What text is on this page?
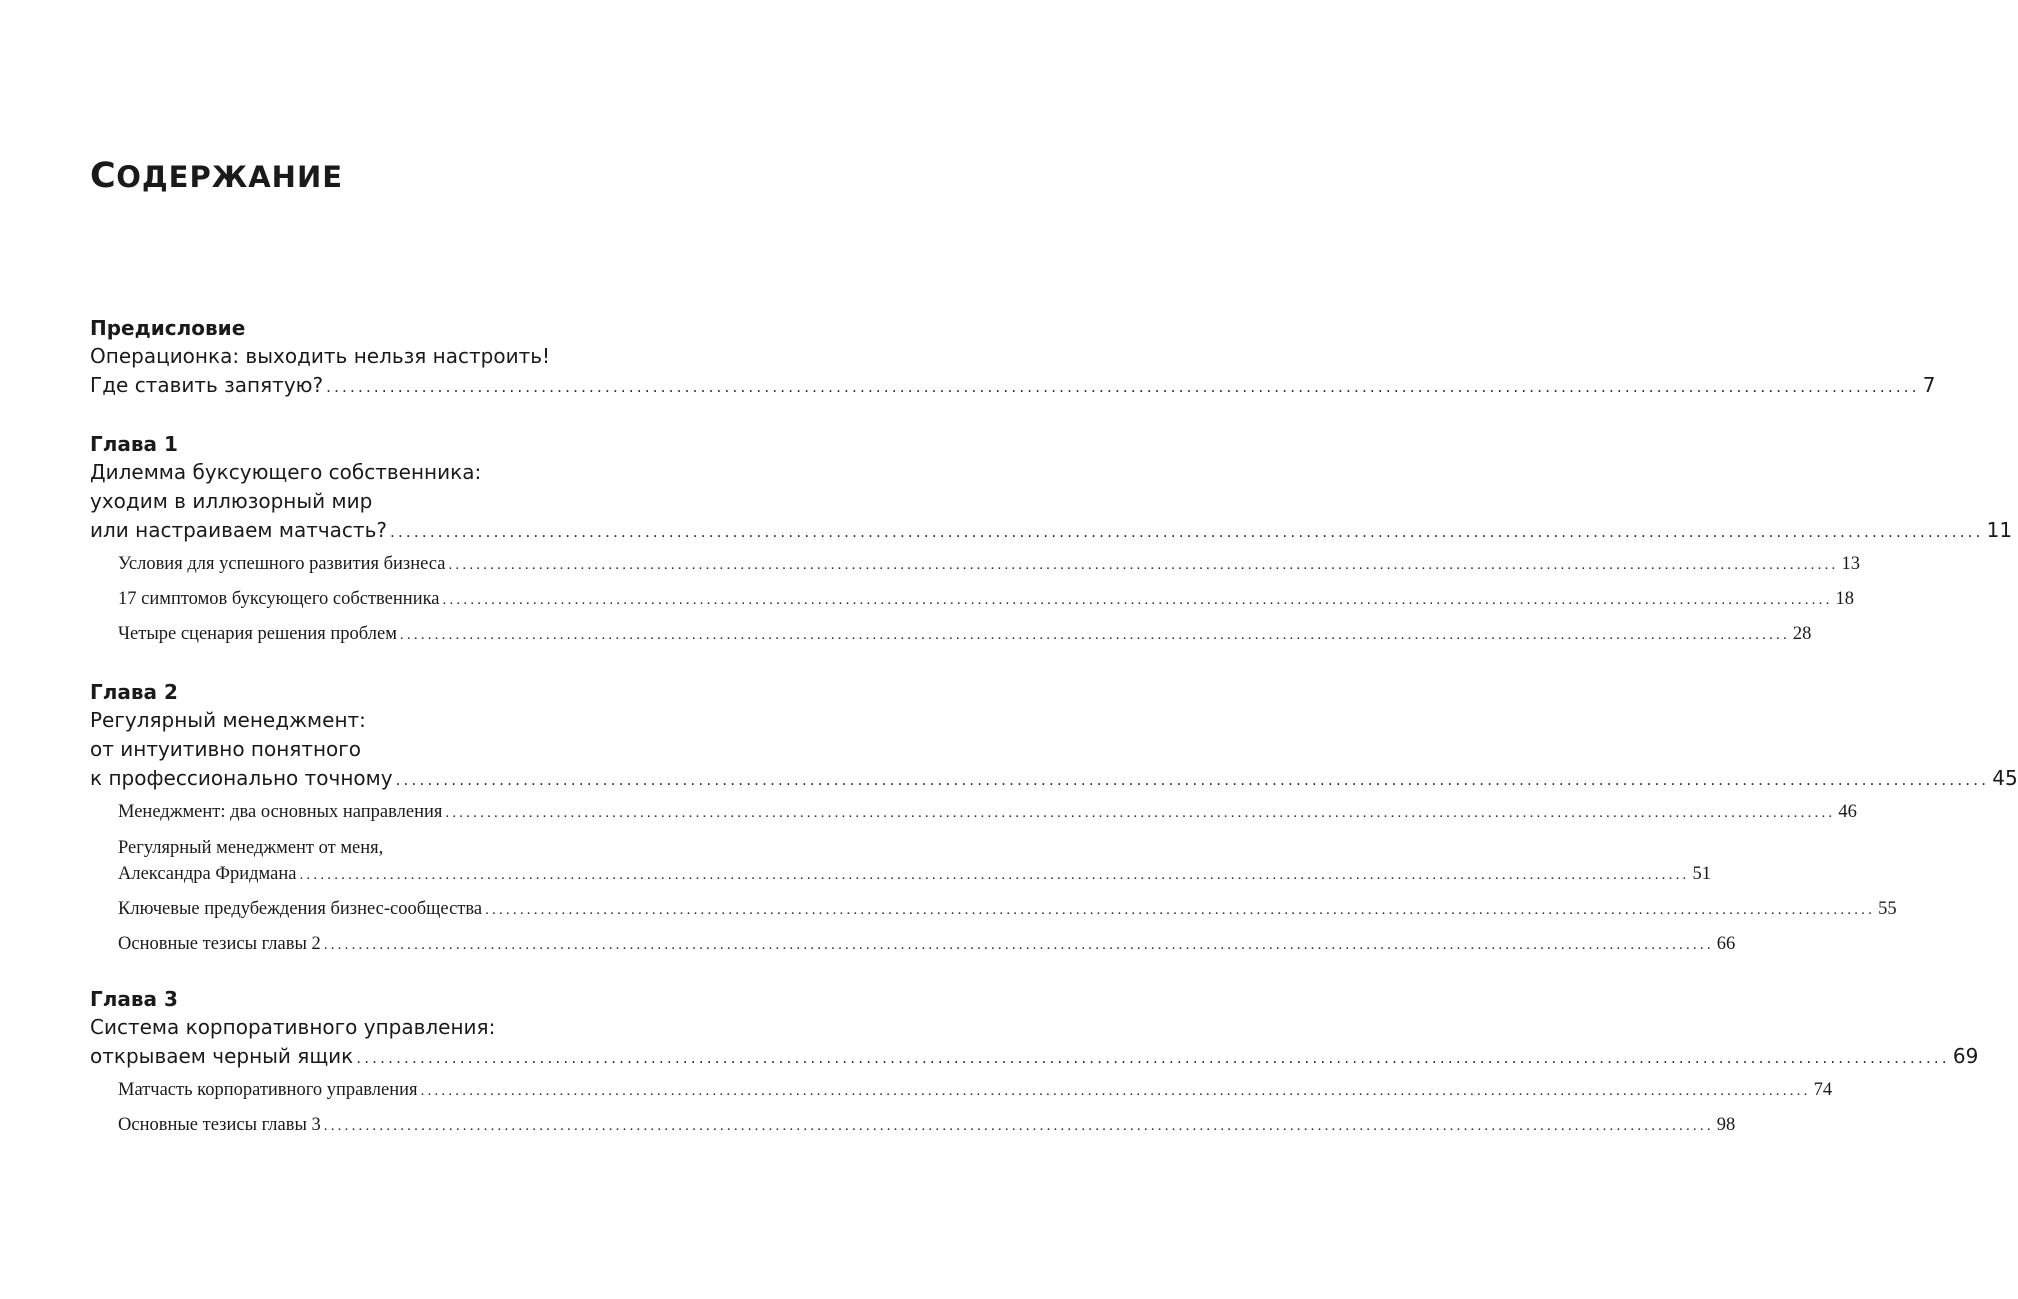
СОДЕРЖАНИЕ
Предисловие
Операционка: выходить нельзя настроить!
Где ставить запятую? ........................................................................................................................................................................................................ 7
Глава 1
Дилемма буксующего собственника:
уходим в иллюзорный мир
или настраиваем матчасть? ........................................................................................................................................................................................................ 11
Условия для успешного развития бизнеса ........................................................................................................................................................................................................ 13
17 симптомов буксующего собственника ........................................................................................................................................................................................................ 18
Четыре сценария решения проблем ........................................................................................................................................................................................................ 28
Глава 2
Регулярный менеджмент:
от интуитивно понятного
к профессионально точному ........................................................................................................................................................................................................ 45
Менеджмент: два основных направления ........................................................................................................................................................................................................ 46
Регулярный менеджмент от меня,
Александра Фридмана ........................................................................................................................................................................................................ 51
Ключевые предубеждения бизнес-сообщества ........................................................................................................................................................................................................ 55
Основные тезисы главы 2 ........................................................................................................................................................................................................ 66
Глава 3
Система корпоративного управления:
открываем черный ящик ........................................................................................................................................................................................................ 69
Матчасть корпоративного управления ........................................................................................................................................................................................................ 74
Основные тезисы главы 3 ........................................................................................................................................................................................................ 98
